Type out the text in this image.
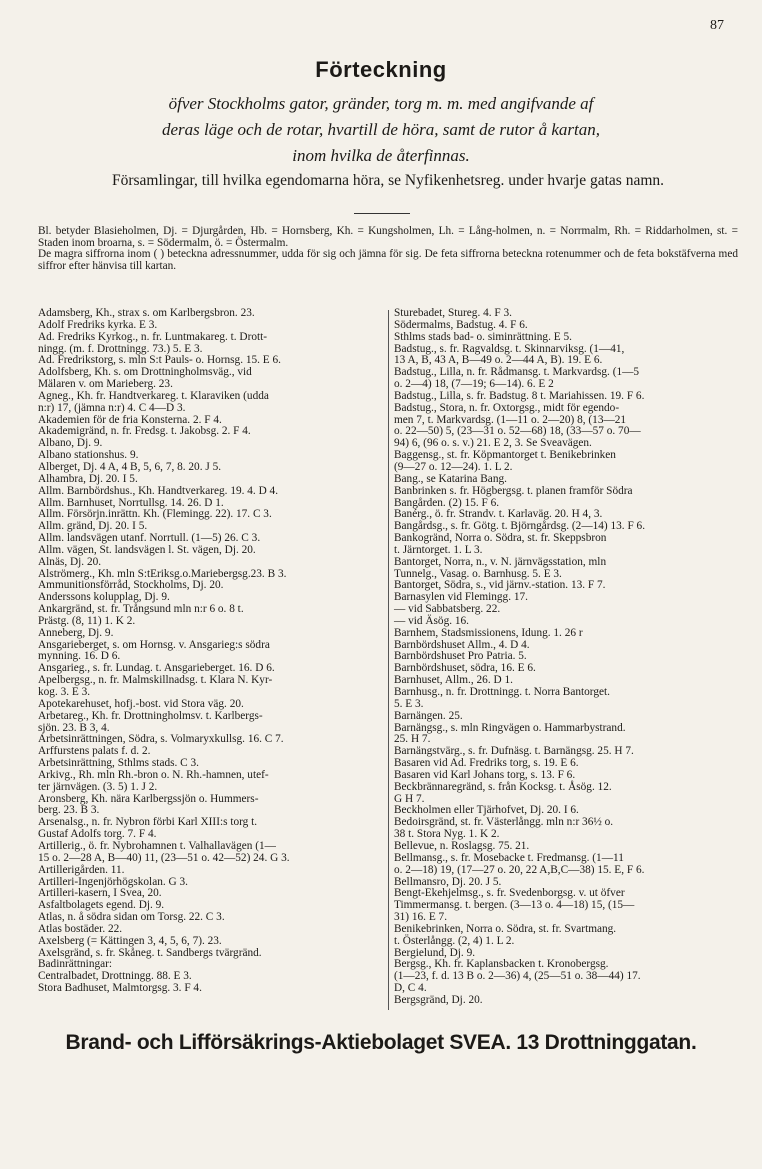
87
Förteckning
öfver Stockholms gator, gränder, torg m. m. med angifvande af
deras läge och de rotar, hvartill de höra, samt de rutor å kartan,
inom hvilka de återfinnas.
Församlingar, till hvilka egendomarna höra, se Nyfikenhetsreg. under hvarje gatas namn.

Bl. betyder Blasieholmen, Dj. = Djurgården, Hb. = Hornsberg, Kh. = Kungsholmen, Lh. = Lång-holmen, n. = Norrmalm, Rh. = Riddarholmen, st. = Staden inom broarna, s. = Södermalm, ö. = Östermalm.

De magra siffrorna inom ( ) beteckna adressnummer, udda för sig och jämna för sig. De feta siffrorna beteckna rotenummer och de feta bokstäfverna med siffror efter hänvisa till kartan.

Adamsberg, Kh., strax s. om Karlbergsbron. 23.
Adolf Fredriks kyrka. E 3.
Ad. Fredriks Kyrkog., n. fr. Luntmakareg. t. Drott-
ningg. (m. f. Drottningg. 73.) 5. E 3.
Ad. Fredrikstorg, s. mln S:t Pauls- o. Hornsg. 15. E 6.
Adolfsberg, Kh. s. om Drottningholmsväg., vid
Mälaren v. om Marieberg. 23.
Agneg., Kh. fr. Handtverkareg. t. Klaraviken (udda
n:r) 17, (jämna n:r) 4. C 4—D 3.
Akademien för de fria Konsterna. 2. F 4.
Akademigränd, n. fr. Fredsg. t. Jakobsg. 2. F 4.
Albano, Dj. 9.
Albano stationshus. 9.
Alberget, Dj. 4 A, 4 B, 5, 6, 7, 8. 20. J 5.
Alhambra, Dj. 20. I 5.
Allm. Barnbördshus., Kh. Handtverkareg. 19. 4. D 4.
Allm. Barnhuset, Norrtullsg. 14. 26. D 1.
Allm. Försörjn.inrättn. Kh. (Flemingg. 22). 17. C 3.
Allm. gränd, Dj. 20. I 5.
Allm. landsvägen utanf. Norrtull. (1—5) 26. C 3.
Allm. vägen, St. landsvägen l. St. vägen, Dj. 20.
Alnäs, Dj. 20.
Alströmerg., Kh. mln S:tEriksg.o.Mariebergsg.23. B 3.
Ammunitionsförråd, Stockholms, Dj. 20.
Anderssons kolupplag, Dj. 9.
Ankargränd, st. fr. Trångsund mln n:r 6 o. 8 t.
Prästg. (8, 11) 1. K 2.
Anneberg, Dj. 9.
Ansgarieberget, s. om Hornsg. v. Ansgarieg:s södra
mynning. 16. D 6.
Ansgarieg., s. fr. Lundag. t. Ansgarieberget. 16. D 6.
Apelbergsg., n. fr. Malmskillnadsg. t. Klara N. Kyr-
kog. 3. E 3.
Apotekarehuset, hofj.-bost. vid Stora väg. 20.
Arbetareg., Kh. fr. Drottningholmsv. t. Karlbergs-
sjön. 23. B 3, 4.
Arbetsinrättningen, Södra, s. Volmaryxkullsg. 16. C 7.
Arffurstens palats f. d. 2.
Arbetsinrättning, Sthlms stads. C 3.
Arkivg., Rh. mln Rh.-bron o. N. Rh.-hamnen, utef-
ter järnvägen. (3. 5) 1. J 2.
Aronsberg, Kh. nära Karlbergssjön o. Hummers-
berg. 23. B 3.
Arsenalsg., n. fr. Nybron förbi Karl XIII:s torg t.
Gustaf Adolfs torg. 7. F 4.
Artillerig., ö. fr. Nybrohamnen t. Valhallavägen (1—
15 o. 2—28 A, B—40) 11, (23—51 o. 42—52) 24. G 3.
Artillerigården. 11.
Artilleri-Ingenjörhögskolan. G 3.
Artilleri-kasern, I Svea, 20.
Asfaltbolagets egend. Dj. 9.
Atlas, n. å södra sidan om Torsg. 22. C 3.
Atlas bostäder. 22.
Axelsberg (= Kättingen 3, 4, 5, 6, 7). 23.
Axelsgränd, s. fr. Skåneg. t. Sandbergs tvärgränd.
Badinrättningar:
Centralbadet, Drottningg. 88. E 3.
Stora Badhuset, Malmtorgsg. 3. F 4.
Sturebadet, Stureg. 4. F 3.
Södermalms, Badstug. 4. F 6.
Sthlms stads bad- o. siminrättning. E 5.
Badstug., s. fr. Ragvaldsg. t. Skinnarviksg. (1—41,
13 A, B, 43 A, B—49 o. 2—44 A, B). 19. E 6.
Badstug., Lilla, n. fr. Rådmansg. t. Markvardsg. (1—5
o. 2—4) 18, (7—19; 6—14). 6. E 2
Badstug., Lilla, s. fr. Badstug. 8 t. Mariahissen. 19. F 6.
Badstug., Stora, n. fr. Oxtorgsg., midt för egendo-
men 7, t. Markvardsg. (1—11 o. 2—20) 8, (13—21
o. 22—50) 5, (23—31 o. 52—68) 18, (33—57 o. 70—
94) 6, (96 o. s. v.) 21. E 2, 3. Se Sveavägen.
Baggensg., st. fr. Köpmantorget t. Benikebrinken
(9—27 o. 12—24). 1. L 2.
Bang., se Katarina Bang.
Banbrinken s. fr. Högbergsg. t. planen framför Södra
Bangården. (2) 15. F 6.
Banérg., ö. fr. Strandv. t. Karlaväg. 20. H 4, 3.
Bangårdsg., s. fr. Götg. t. Björngårdsg. (2—14) 13. F 6.
Bankogränd, Norra o. Södra, st. fr. Skeppsbron
t. Järntorget. 1. L 3.
Bantorget, Norra, n., v. N. järnvägsstation, mln
Tunnelg., Vasag. o. Barnhusg. 5. E 3.
Bantorget, Södra, s., vid järnv.-station. 13. F 7.
Barnasylen vid Flemingg. 17.
— vid Sabbatsberg. 22.
— vid Äsög. 16.
Barnhem, Stadsmissionens, Idung. 1. 26 r
Barnbördshuset Allm., 4. D 4.
Barnbördshuset Pro Patria. 5.
Barnbördshuset, södra, 16. E 6.
Barnhuset, Allm., 26. D 1.
Barnhusg., n. fr. Drottningg. t. Norra Bantorget.
5. E 3.
Barnängen. 25.
Barnängsg., s. mln Ringvägen o. Hammarbystrand.
25. H 7.
Barnängstvärg., s. fr. Dufnäsg. t. Barnängsg. 25. H 7.
Basaren vid Ad. Fredriks torg, s. 19. E 6.
Basaren vid Karl Johans torg, s. 13. F 6.
Beckbrännaregränd, s. från Kocksg. t. Åsög. 12.
G H 7.
Beckholmen eller Tjärhofvet, Dj. 20. I 6.
Bedoirsgränd, st. fr. Västerlångg. mln n:r 36½ o.
38 t. Stora Nyg. 1. K 2.
Bellevue, n. Roslagsg. 75. 21.
Bellmansg., s. fr. Mosebacke t. Fredmansg. (1—11
o. 2—18) 19, (17—27 o. 20, 22 A,B,C—38) 15. E, F 6.
Bellmansro, Dj. 20. J 5.
Bengt-Ekehjelmsg., s. fr. Svedenborgsg. v. ut öfver
Timmermansg. t. bergen. (3—13 o. 4—18) 15, (15—
31) 16. E 7.
Benikebrinken, Norra o. Södra, st. fr. Svartmang.
t. Österlångg. (2, 4) 1. L 2.
Bergielund, Dj. 9.
Bergsg., Kh. fr. Kaplansbacken t. Kronobergsg.
(1—23, f. d. 13 B o. 2—36) 4, (25—51 o. 38—44) 17.
D, C 4.
Bergsgränd, Dj. 20.
Brand- och Lifförsäkrings-Aktiebolaget SVEA. 13 Drottninggatan.
